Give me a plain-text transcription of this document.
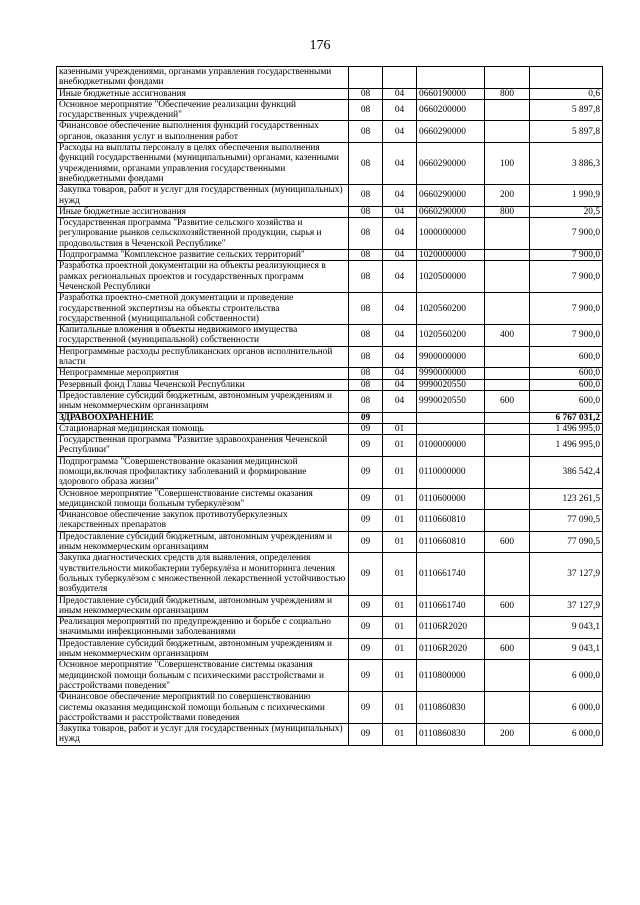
176
казенными учреждениями, органами управления государственными внебюджетными фондами					
Иные бюджетные ассигнования	08	04	0660190000	800	0,6
Основное мероприятие "Обеспечение реализации функций государственных учреждений"	08	04	0660200000		5 897,8
Финансовое обеспечение выполнения функций государственных органов, оказания услуг и выполнения работ	08	04	0660290000		5 897,8
Расходы на выплаты персоналу в целях обеспечения выполнения функций государственными (муниципальными) органами, казенными учреждениями, органами управления государственными внебюджетными фондами	08	04	0660290000	100	3 886,3
Закупка товаров, работ и услуг для государственных (муниципальных) нужд	08	04	0660290000	200	1 990,9
Иные бюджетные ассигнования	08	04	0660290000	800	20,5
Государственная программа "Развитие сельского хозяйства и регулирование рынков сельскохозяйственной продукции, сырья и продовольствия в Чеченской Республике"	08	04	1000000000		7 900,0
Подпрограмма "Комплексное развитие сельских территорий"	08	04	1020000000		7 900,0
Разработка проектной документации на объекты реализующиеся в рамках региональных проектов и государственных программ Чеченской Республики	08	04	1020500000		7 900,0
Разработка проектно-сметной документации и проведение государственной экспертизы на объекты строительства государственной (муниципальной собственности)	08	04	1020560200		7 900,0
Капитальные вложения в объекты недвижимого имущества государственной (муниципальной) собственности	08	04	1020560200	400	7 900,0
Непрограммные расходы республиканских органов исполнительной власти	08	04	9900000000		600,0
Непрограммные мероприятия	08	04	9990000000		600,0
Резервный фонд Главы Чеченской Республики	08	04	9990020550		600,0
Предоставление субсидий бюджетным, автономным учреждениям и иным некоммерческим организациям	08	04	9990020550	600	600,0
ЗДРАВООХРАНЕНИЕ	09				6 767 031,2
Стационарная медицинская помощь	09	01			1 496 995,0
Государственная программа "Развитие здравоохранения Чеченской Республики"	09	01	0100000000		1 496 995,0
Подпрограмма "Совершенствование оказания медицинской помощи,включая профилактику заболеваний и формирование здорового образа жизни"	09	01	0110000000		386 542,4
Основное мероприятие "Совершенствование системы оказания медицинской помощи больным туберкулёзом"	09	01	0110600000		123 261,5
Финансовое обеспечение закупок противотуберкулезных лекарственных препаратов	09	01	0110660810		77 090,5
Предоставление субсидий бюджетным, автономным учреждениям и иным некоммерческим организациям	09	01	0110660810	600	77 090,5
Закупка диагностических средств для выявления, определения чувствительности микобактерии туберкулёза и мониторинга лечения больных туберкулёзом с множественной лекарственной устойчивостью возбудителя	09	01	0110661740		37 127,9
Предоставление субсидий бюджетным, автономным учреждениям и иным некоммерческим организациям	09	01	0110661740	600	37 127,9
Реализация мероприятий по предупреждению и борьбе с социально значимыми инфекционными заболеваниями	09	01	01106R2020		9 043,1
Предоставление субсидий бюджетным, автономным учреждениям и иным некоммерческим организациям	09	01	01106R2020	600	9 043,1
Основное мероприятие "Совершенствование системы оказания медицинской помощи больным с психическими расстройствами и расстройствами поведения"	09	01	0110800000		6 000,0
Финансовое обеспечение мероприятий по совершенствованию системы оказания медицинской помощи больным с психическими расстройствами и расстройствами поведения	09	01	0110860830		6 000,0
Закупка товаров, работ и услуг для государственных (муниципальных) нужд	09	01	0110860830	200	6 000,0
